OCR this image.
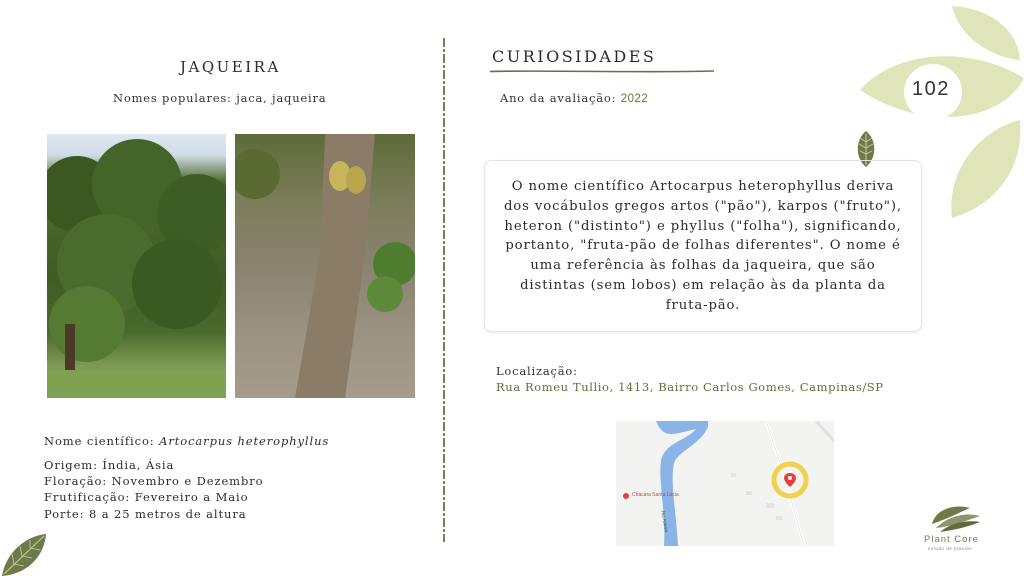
102
JAQUEIRA
Nomes populares: jaca, jaqueira
Nome científico: Artocarpus heterophyllus
Origem: Índia, Ásia
Floração: Novembro e Dezembro
Frutificação: Fevereiro a Maio
Porte: 8 a 25 metros de altura
CURIOSIDADES
Ano da avaliação: 2022

O nome científico Artocarpus heterophyllus deriva dos vocábulos gregos artos ("pão"), karpos ("fruto"), heteron ("distinto") e phyllus ("folha"), significando, portanto, "fruta-pão de folhas diferentes". O nome é uma referência às folhas da jaqueira, que são distintas (sem lobos) em relação às da planta da fruta-pão.

Localização:
Rua Romeu Tullio, 1413, Bairro Carlos Gomes, Campinas/SP
Chácara Santa Lúcia
Rio Atibaia
Plant Core
estudo de plantas
